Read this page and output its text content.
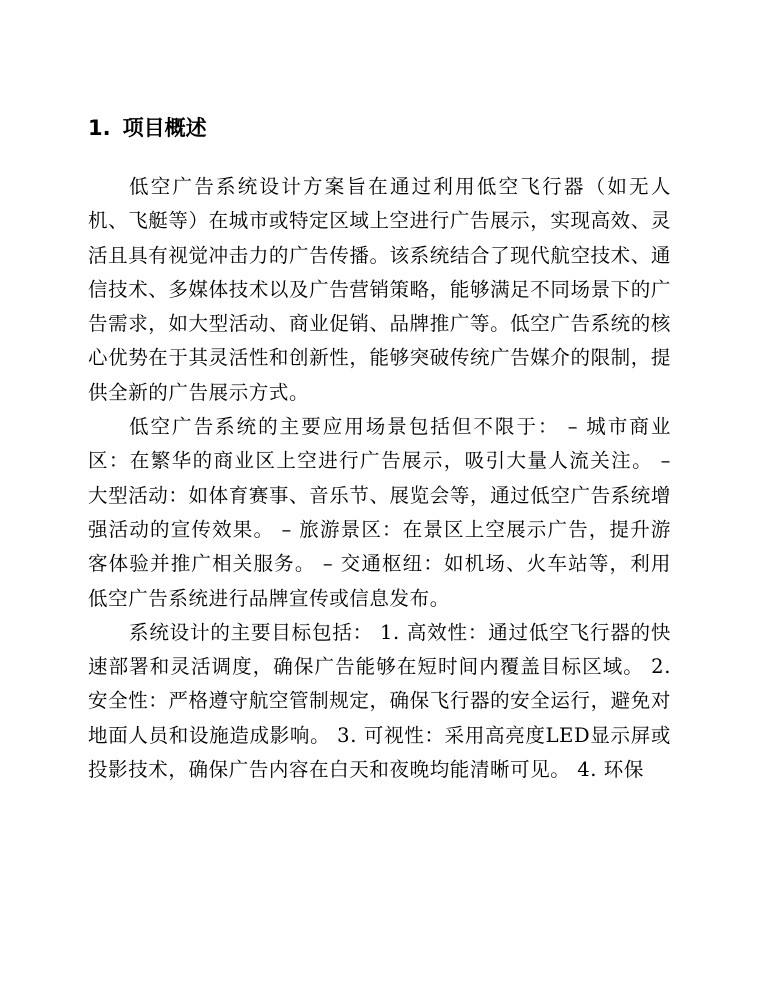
1. 项目概述

低空广告系统设计方案旨在通过利用低空飞行器（如无人机、飞艇等）在城市或特定区域上空进行广告展示，实现高效、灵活且具有视觉冲击力的广告传播。该系统结合了现代航空技术、通信技术、多媒体技术以及广告营销策略，能够满足不同场景下的广告需求，如大型活动、商业促销、品牌推广等。低空广告系统的核心优势在于其灵活性和创新性，能够突破传统广告媒介的限制，提供全新的广告展示方式。

低空广告系统的主要应用场景包括但不限于： – 城市商业区：在繁华的商业区上空进行广告展示，吸引大量人流关注。 – 大型活动：如体育赛事、音乐节、展览会等，通过低空广告系统增强活动的宣传效果。 – 旅游景区：在景区上空展示广告，提升游客体验并推广相关服务。 – 交通枢纽：如机场、火车站等，利用低空广告系统进行品牌宣传或信息发布。

系统设计的主要目标包括： 1. 高效性：通过低空飞行器的快速部署和灵活调度，确保广告能够在短时间内覆盖目标区域。 2. 安全性：严格遵守航空管制规定，确保飞行器的安全运行，避免对地面人员和设施造成影响。 3. 可视性：采用高亮度LED显示屏或投影技术，确保广告内容在白天和夜晚均能清晰可见。 4. 环保
